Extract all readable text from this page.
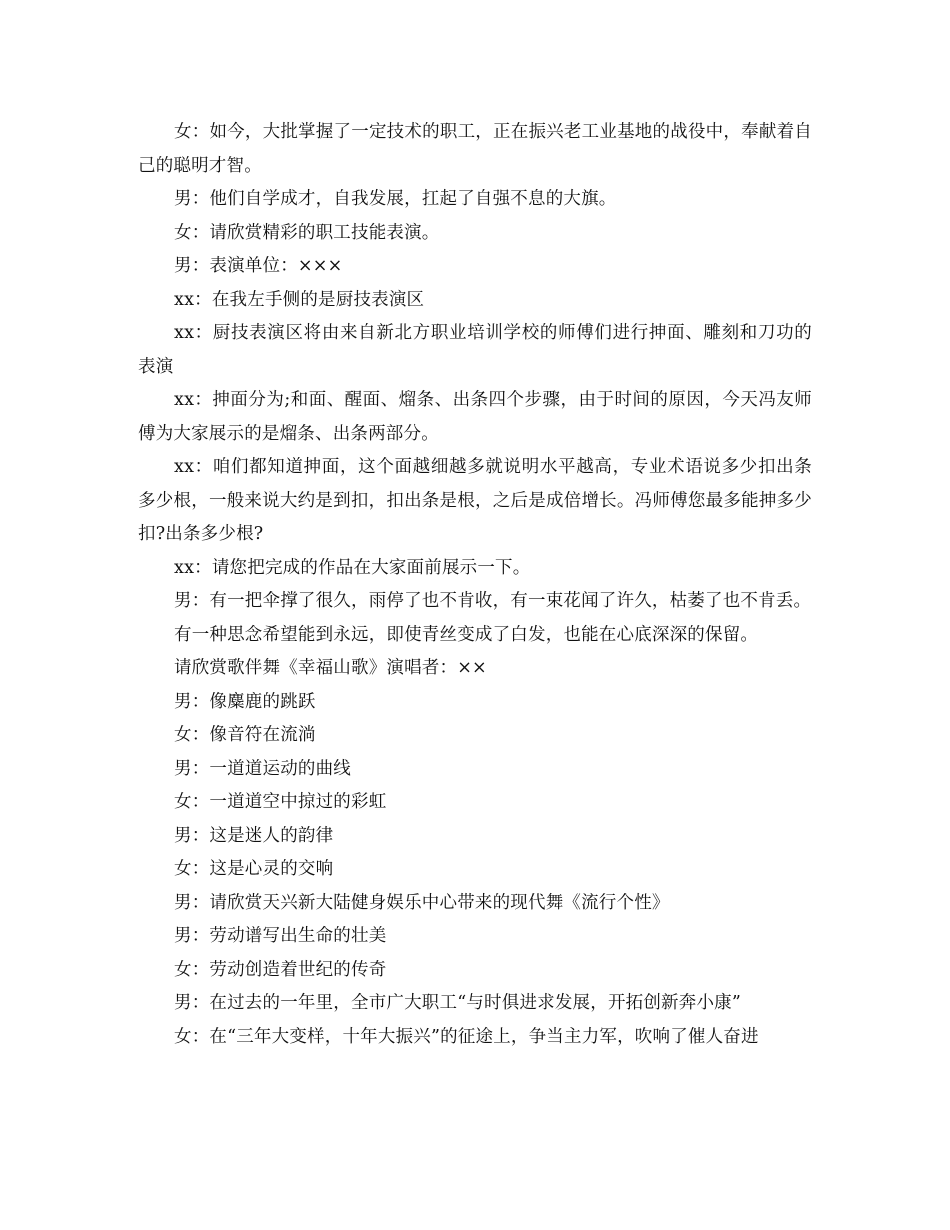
女：如今，大批掌握了一定技术的职工，正在振兴老工业基地的战役中，奉献着自己的聪明才智。

男：他们自学成才，自我发展，扛起了自强不息的大旗。

女：请欣赏精彩的职工技能表演。

男：表演单位：×××

xx：在我左手侧的是厨技表演区

xx：厨技表演区将由来自新北方职业培训学校的师傅们进行抻面、雕刻和刀功的表演

xx：抻面分为;和面、醒面、熘条、出条四个步骤，由于时间的原因，今天冯友师傅为大家展示的是熘条、出条两部分。

xx：咱们都知道抻面，这个面越细越多就说明水平越高，专业术语说多少扣出条多少根，一般来说大约是到扣，扣出条是根，之后是成倍增长。冯师傅您最多能抻多少扣?出条多少根?

xx：请您把完成的作品在大家面前展示一下。

男：有一把伞撑了很久，雨停了也不肯收，有一束花闻了许久，枯萎了也不肯丢。

有一种思念希望能到永远，即使青丝变成了白发，也能在心底深深的保留。

请欣赏歌伴舞《幸福山歌》演唱者：××

男：像麋鹿的跳跃

女：像音符在流淌

男：一道道运动的曲线

女：一道道空中掠过的彩虹

男：这是迷人的韵律

女：这是心灵的交响

男：请欣赏天兴新大陆健身娱乐中心带来的现代舞《流行个性》

男：劳动谱写出生命的壮美

女：劳动创造着世纪的传奇

男：在过去的一年里，全市广大职工“与时俱进求发展，开拓创新奔小康”

女：在“三年大变样，十年大振兴”的征途上，争当主力军，吹响了催人奋进
